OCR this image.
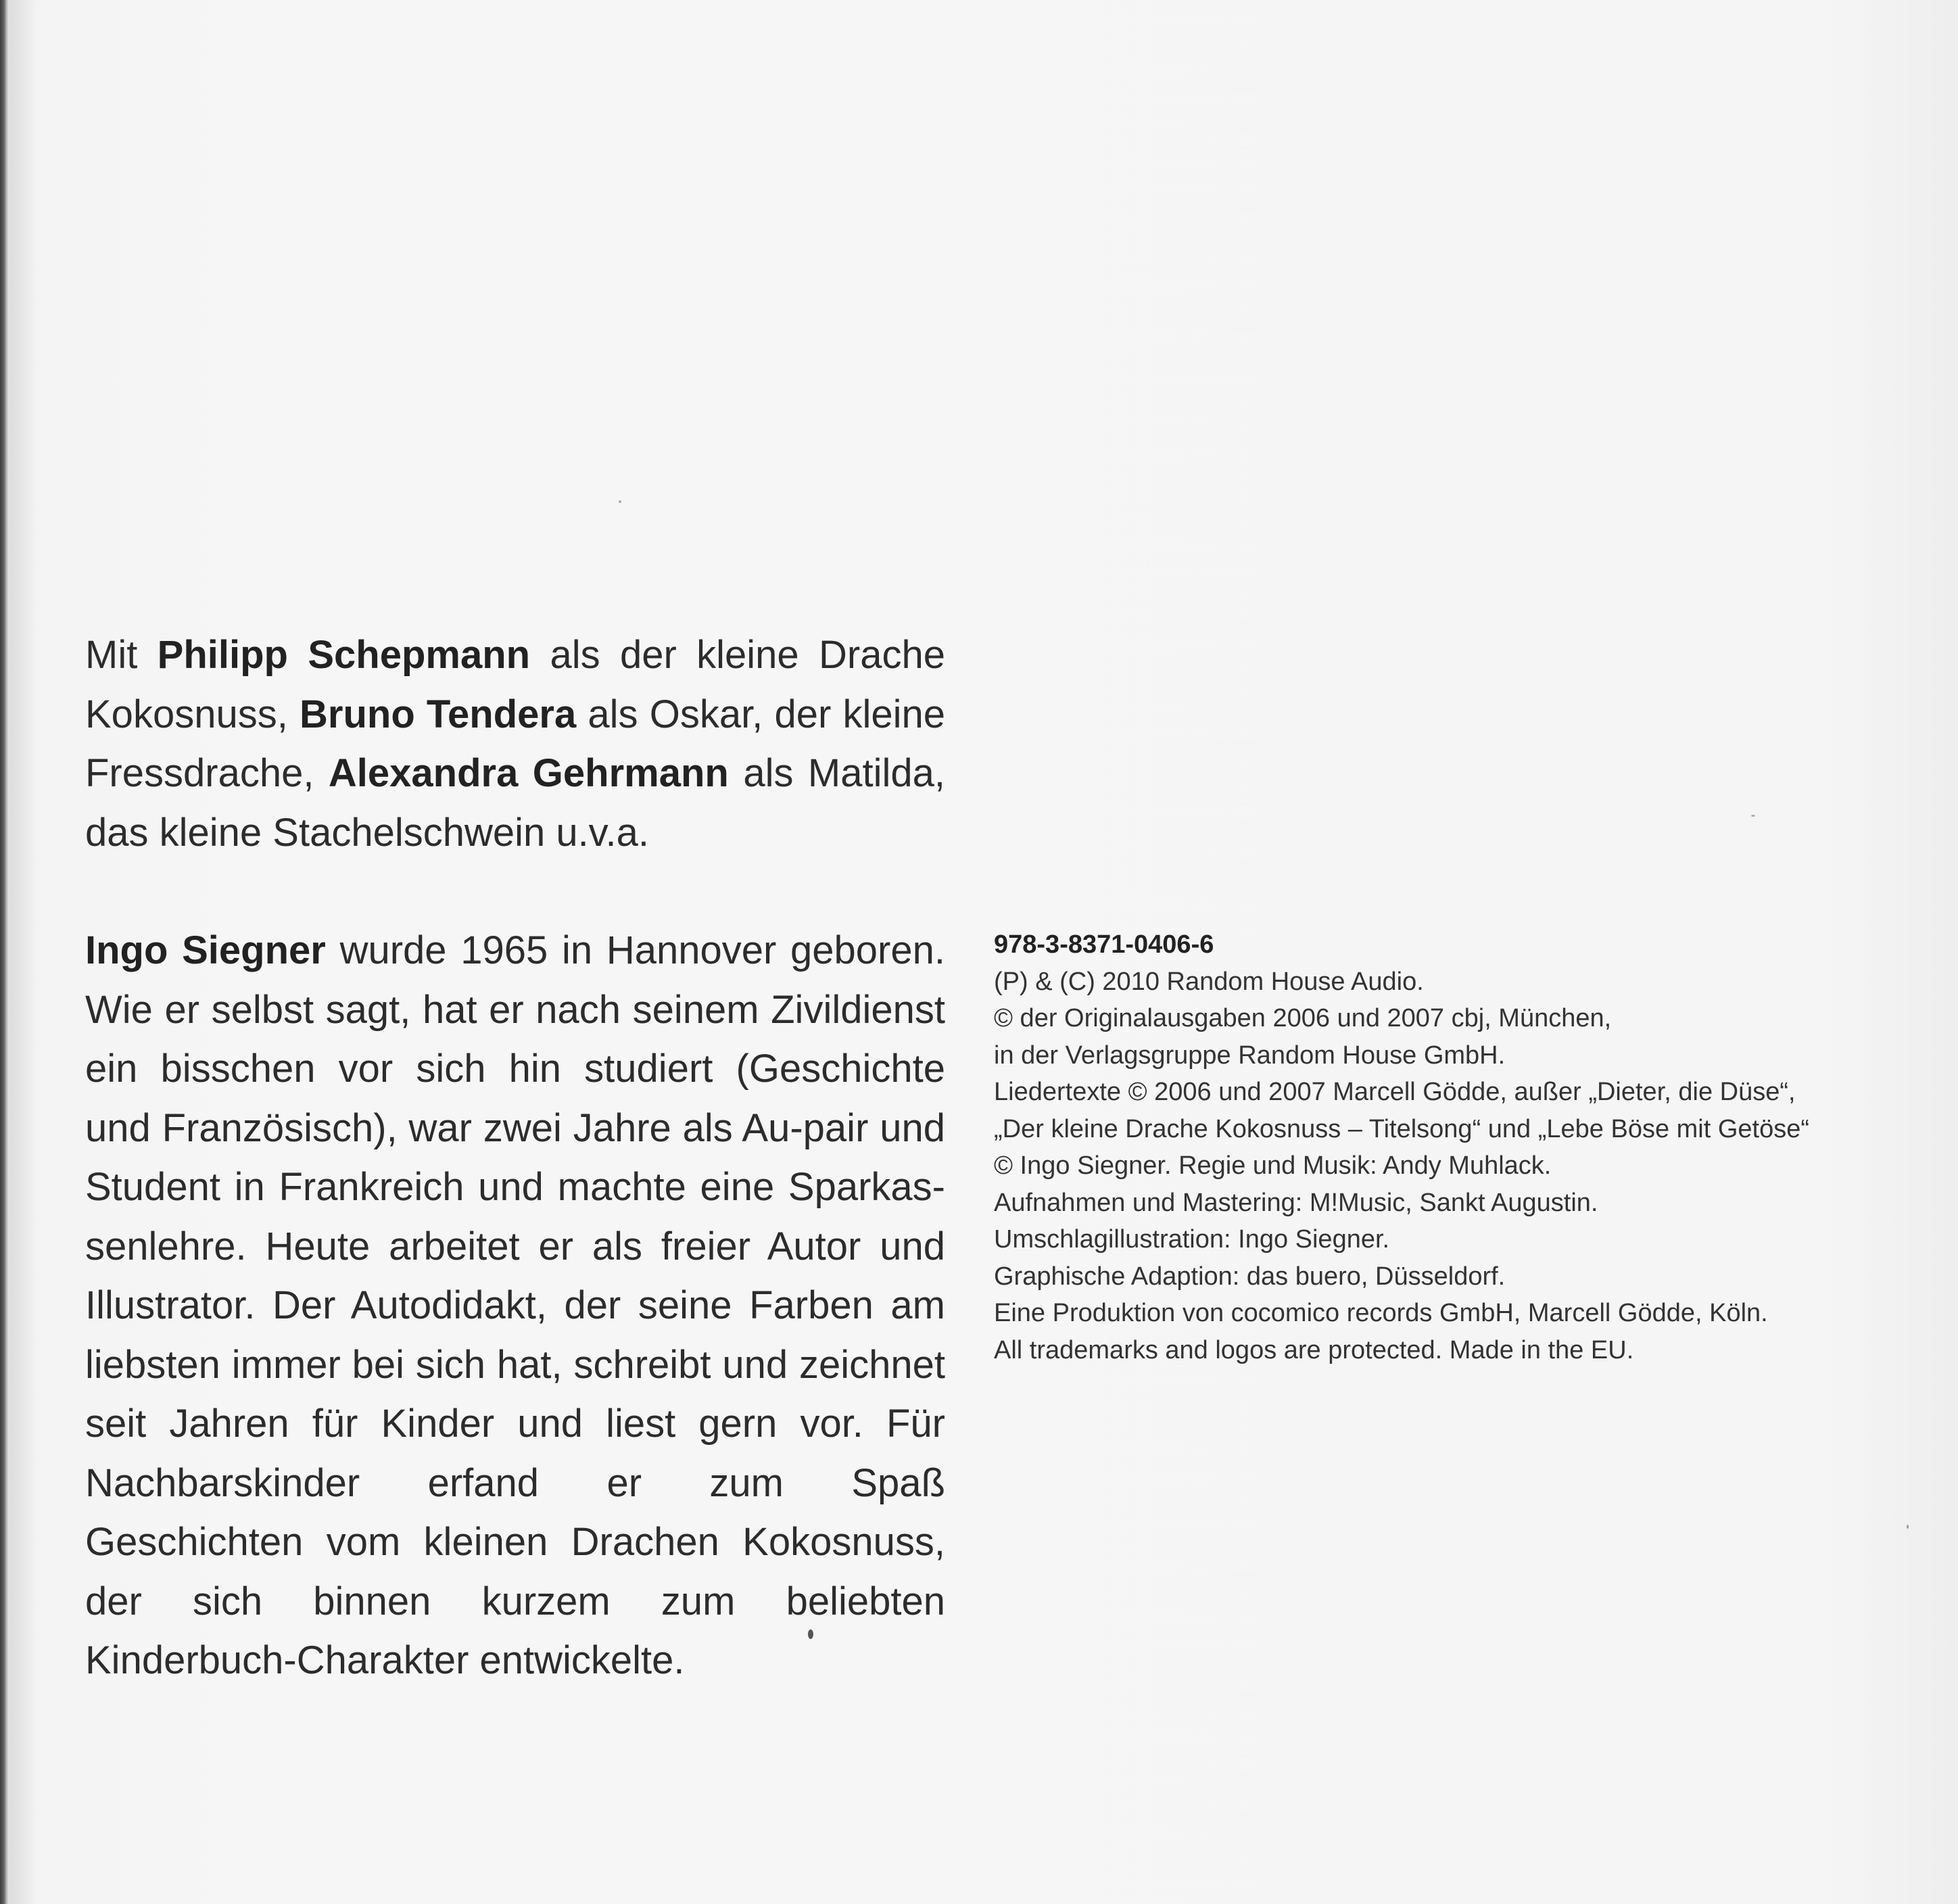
Mit Philipp Schepmann als der kleine Drache Kokosnuss, Bruno Tendera als Oskar, der kleine Fressdrache, Alexandra Gehrmann als Matilda, das kleine Stachelschwein u.v.a.

Ingo Siegner wurde 1965 in Hannover geboren. Wie er selbst sagt, hat er nach seinem Zivildienst ein bisschen vor sich hin studiert (Geschichte und Französisch), war zwei Jahre als Au-pair und Student in Frankreich und machte eine Sparkas-senlehre. Heute arbeitet er als freier Autor und Illustrator. Der Autodidakt, der seine Farben am liebsten immer bei sich hat, schreibt und zeichnet seit Jahren für Kinder und liest gern vor. Für Nachbarskinder erfand er zum Spaß Geschichten vom kleinen Drachen Kokosnuss, der sich binnen kurzem zum beliebten Kinderbuch-Charakter entwickelte.

978-3-8371-0406-6
(P) & (C) 2010 Random House Audio.
© der Originalausgaben 2006 und 2007 cbj, München,
in der Verlagsgruppe Random House GmbH.
Liedertexte © 2006 und 2007 Marcell Gödde, außer „Dieter, die Düse“,
„Der kleine Drache Kokosnuss – Titelsong“ und „Lebe Böse mit Getöse“
© Ingo Siegner. Regie und Musik: Andy Muhlack.
Aufnahmen und Mastering: M!Music, Sankt Augustin.
Umschlagillustration: Ingo Siegner.
Graphische Adaption: das buero, Düsseldorf.
Eine Produktion von cocomico records GmbH, Marcell Gödde, Köln.
All trademarks and logos are protected. Made in the EU.
